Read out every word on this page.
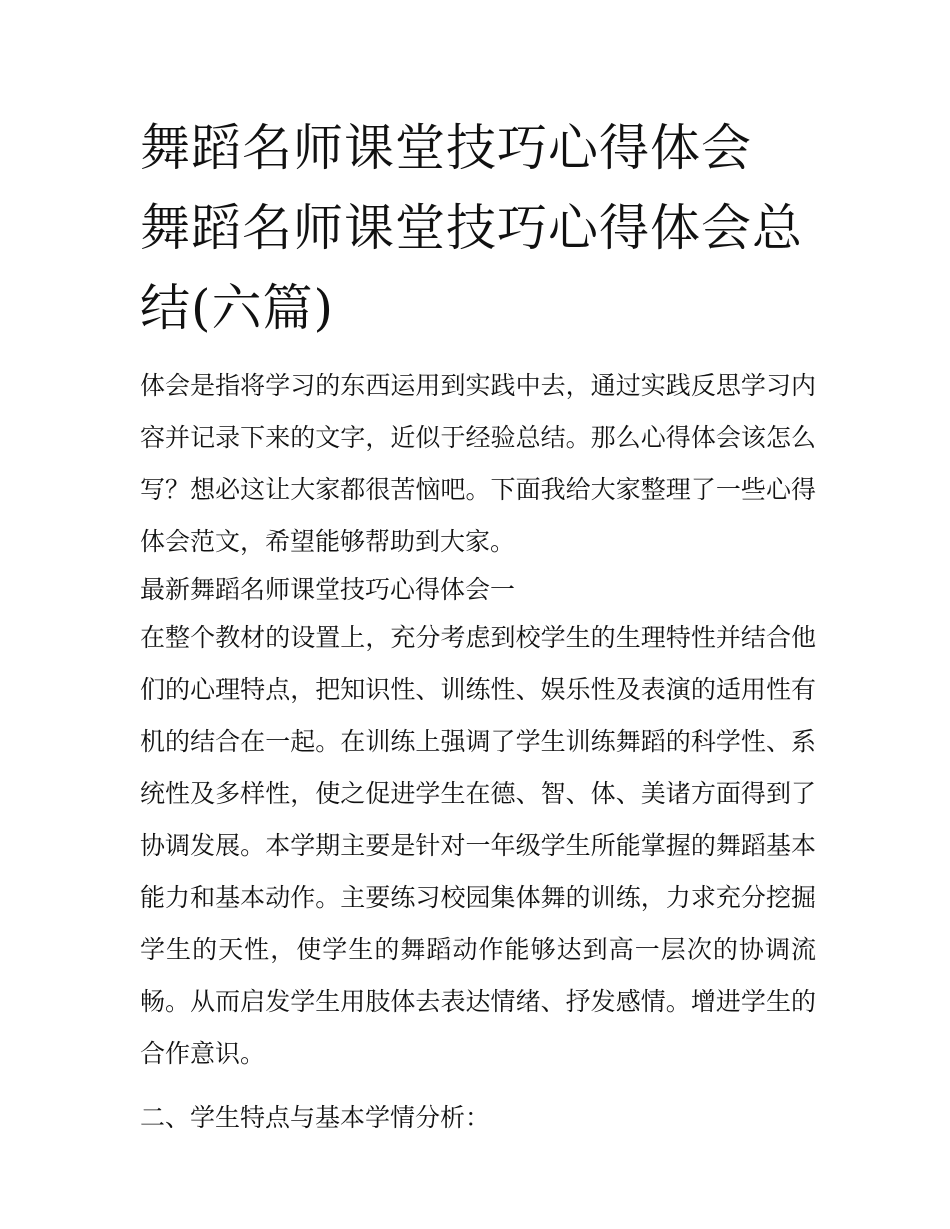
舞蹈名师课堂技巧心得体会 舞蹈名师课堂技巧心得体会总结(六篇)

体会是指将学习的东西运用到实践中去，通过实践反思学习内容并记录下来的文字，近似于经验总结。那么心得体会该怎么写？想必这让大家都很苦恼吧。下面我给大家整理了一些心得体会范文，希望能够帮助到大家。

最新舞蹈名师课堂技巧心得体会一

在整个教材的设置上，充分考虑到校学生的生理特性并结合他们的心理特点，把知识性、训练性、娱乐性及表演的适用性有机的结合在一起。在训练上强调了学生训练舞蹈的科学性、系统性及多样性，使之促进学生在德、智、体、美诸方面得到了协调发展。本学期主要是针对一年级学生所能掌握的舞蹈基本能力和基本动作。主要练习校园集体舞的训练，力求充分挖掘学生的天性，使学生的舞蹈动作能够达到高一层次的协调流畅。从而启发学生用肢体去表达情绪、抒发感情。增进学生的合作意识。

二、学生特点与基本学情分析：
